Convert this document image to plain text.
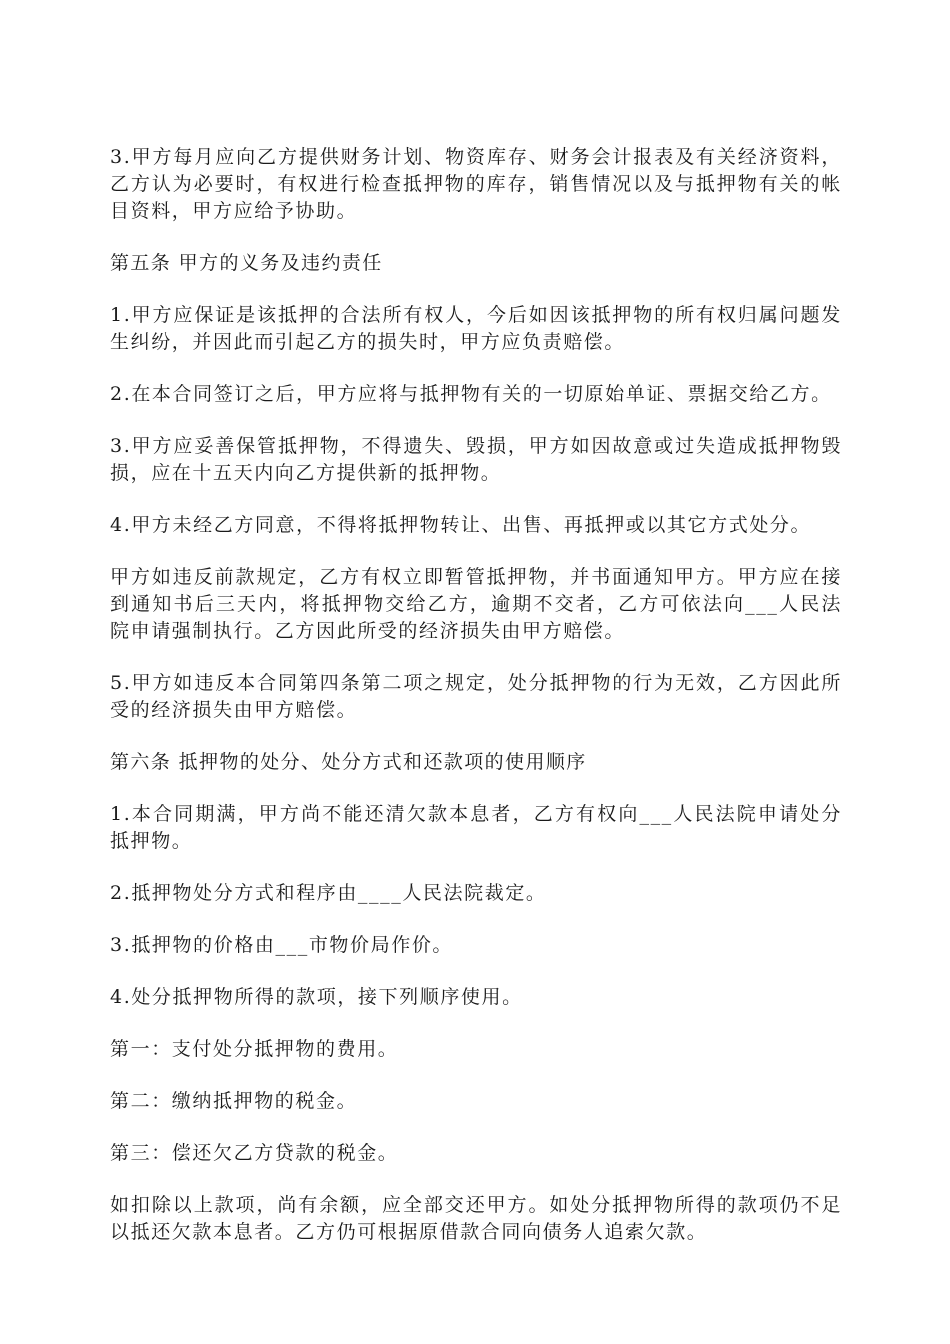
3.甲方每月应向乙方提供财务计划、物资库存、财务会计报表及有关经济资料，乙方认为必要时，有权进行检查抵押物的库存，销售情况以及与抵押物有关的帐目资料，甲方应给予协助。

第五条 甲方的义务及违约责任

1.甲方应保证是该抵押的合法所有权人，今后如因该抵押物的所有权归属问题发生纠纷，并因此而引起乙方的损失时，甲方应负责赔偿。

2.在本合同签订之后，甲方应将与抵押物有关的一切原始单证、票据交给乙方。

3.甲方应妥善保管抵押物，不得遗失、毁损，甲方如因故意或过失造成抵押物毁损，应在十五天内向乙方提供新的抵押物。

4.甲方未经乙方同意，不得将抵押物转让、出售、再抵押或以其它方式处分。

甲方如违反前款规定，乙方有权立即暂管抵押物，并书面通知甲方。甲方应在接到通知书后三天内，将抵押物交给乙方，逾期不交者，乙方可依法向___人民法院申请强制执行。乙方因此所受的经济损失由甲方赔偿。

5.甲方如违反本合同第四条第二项之规定，处分抵押物的行为无效，乙方因此所受的经济损失由甲方赔偿。

第六条 抵押物的处分、处分方式和还款项的使用顺序

1.本合同期满，甲方尚不能还清欠款本息者，乙方有权向___人民法院申请处分抵押物。

2.抵押物处分方式和程序由____人民法院裁定。

3.抵押物的价格由___市物价局作价。

4.处分抵押物所得的款项，接下列顺序使用。

第一：支付处分抵押物的费用。

第二：缴纳抵押物的税金。

第三：偿还欠乙方贷款的税金。

如扣除以上款项，尚有余额，应全部交还甲方。如处分抵押物所得的款项仍不足以抵还欠款本息者。乙方仍可根据原借款合同向债务人追索欠款。
